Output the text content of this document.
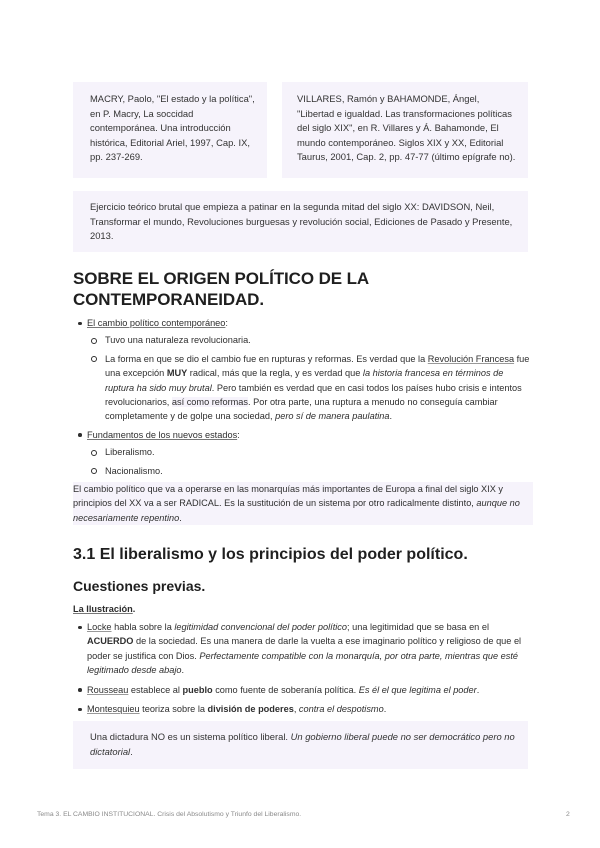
MACRY, Paolo, "El estado y la política", en P. Macry, La soccidad contemporánea. Una introducción histórica, Editorial Ariel, 1997, Cap. IX, pp. 237-269.
VILLARES, Ramón y BAHAMONDE, Ángel, "Libertad e igualdad. Las transformaciones políticas del siglo XIX", en R. Villares y Á. Bahamonde, El mundo contemporáneo. Siglos XIX y XX, Editorial Taurus, 2001, Cap. 2, pp. 47-77 (último epígrafe no).
Ejercicio teórico brutal que empieza a patinar en la segunda mitad del siglo XX: DAVIDSON, Neil, Transformar el mundo, Revoluciones burguesas y revolución social, Ediciones de Pasado y Presente, 2013.
SOBRE EL ORIGEN POLÍTICO DE LA CONTEMPORANEIDAD.
El cambio político contemporáneo:
Tuvo una naturaleza revolucionaria.
La forma en que se dio el cambio fue en rupturas y reformas. Es verdad que la Revolución Francesa fue una excepción MUY radical, más que la regla, y es verdad que la historia francesa en términos de ruptura ha sido muy brutal. Pero también es verdad que en casi todos los países hubo crisis e intentos revolucionarios, así como reformas. Por otra parte, una ruptura a menudo no conseguía cambiar completamente y de golpe una sociedad, pero sí de manera paulatina.
Fundamentos de los nuevos estados:
Liberalismo.
Nacionalismo.

El cambio político que va a operarse en las monarquías más importantes de Europa a final del siglo XIX y principios del XX va a ser RADICAL. Es la sustitución de un sistema por otro radicalmente distinto, aunque no necesariamente repentino.

3.1 El liberalismo y los principios del poder político.
Cuestiones previas.
La Ilustración.
Locke habla sobre la legitimidad convencional del poder político; una legitimidad que se basa en el ACUERDO de la sociedad. Es una manera de darle la vuelta a ese imaginario político y religioso de que el poder se justifica con Dios. Perfectamente compatible con la monarquía, por otra parte, mientras que esté legitimado desde abajo.
Rousseau establece al pueblo como fuente de soberanía política. Es él el que legitima el poder.
Montesquieu teoriza sobre la división de poderes, contra el despotismo.
Una dictadura NO es un sistema político liberal. Un gobierno liberal puede no ser democrático pero no dictatorial.
Tema 3. EL CAMBIO INSTITUCIONAL. Crisis del Absolutismo y Triunfo del Liberalismo.	2
